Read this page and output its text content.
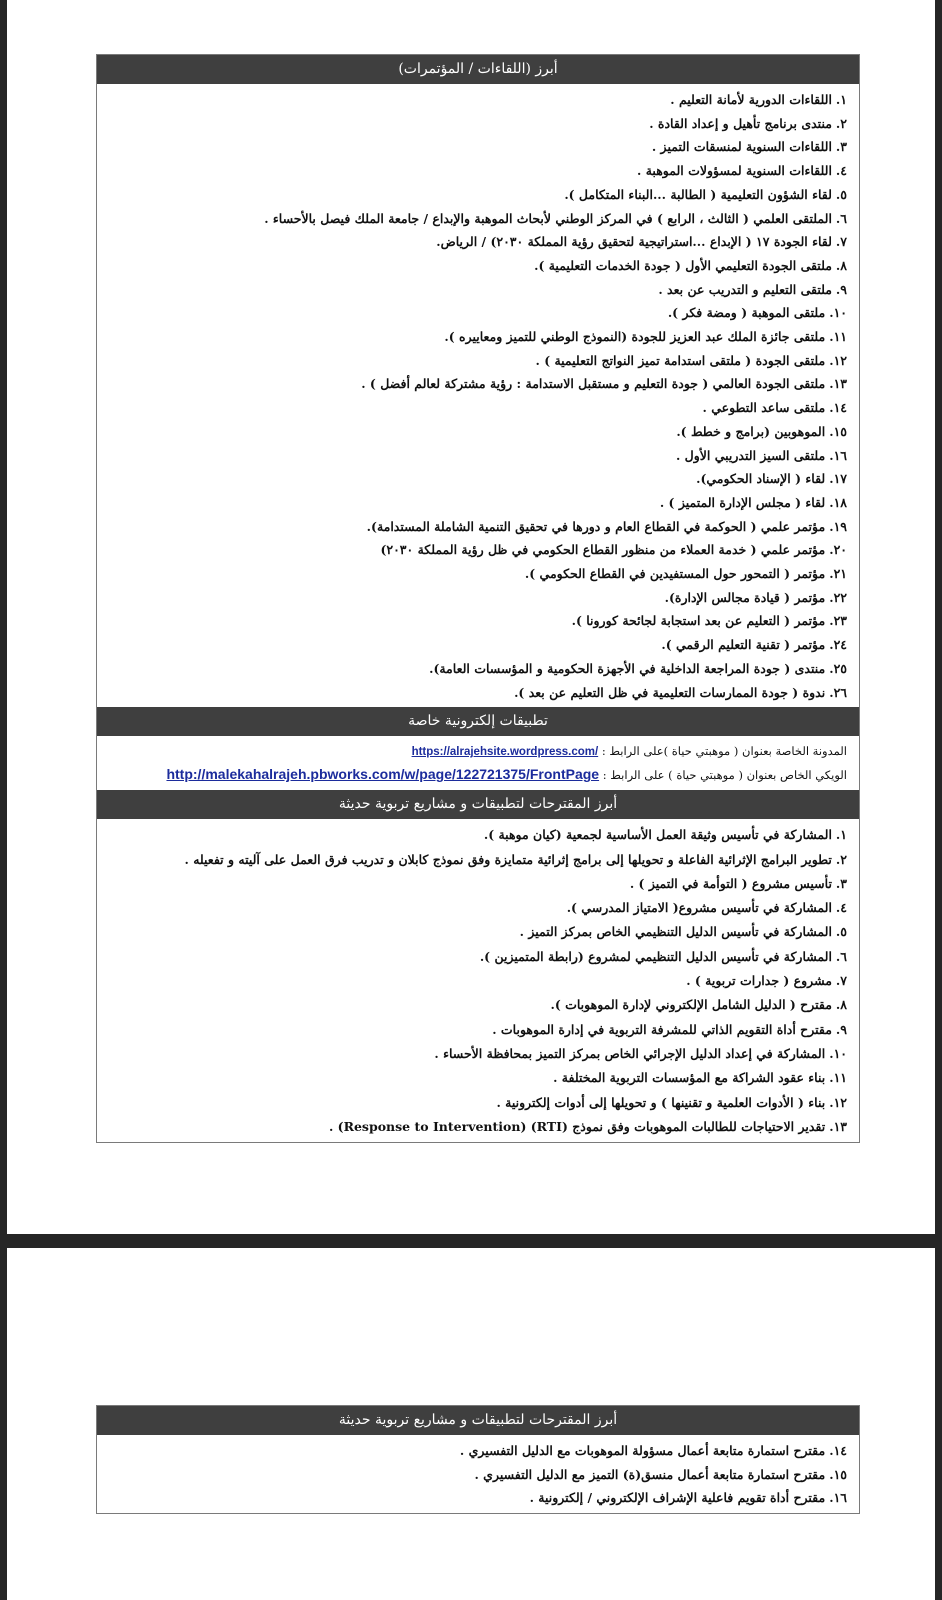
أبرز (اللقاءات / المؤتمرات)
١.اللقاءات الدورية لأمانة التعليم .
٢.منتدى برنامج تأهيل و إعداد القادة .
٣.اللقاءات السنوية لمنسقات التميز .
٤.اللقاءات السنوية لمسؤولات الموهبة .
٥.لقاء الشؤون التعليمية ( الطالبة ...البناء المتكامل ).
٦.الملتقى العلمي ( الثالث ، الرابع ) في المركز الوطني لأبحاث الموهبة والإبداع / جامعة الملك فيصل بالأحساء .
٧.لقاء الجودة ١٧ ( الإبداع ...استراتيجية لتحقيق رؤية المملكة ٢٠٣٠) / الرياض.
٨.ملتقى الجودة التعليمي الأول ( جودة الخدمات التعليمية ).
٩.ملتقى التعليم و التدريب عن بعد .
١٠.ملتقى الموهبة ( ومضة فكر ).
١١.ملتقى جائزة الملك عبد العزيز للجودة (النموذج الوطني للتميز ومعاييره ).
١٢.ملتقى الجودة ( ملتقى استدامة تميز النواتج التعليمية ) .
١٣.ملتقى الجودة العالمي ( جودة التعليم و مستقبل الاستدامة : رؤية مشتركة لعالم أفضل ) .
١٤.ملتقى ساعد التطوعي .
١٥.الموهوبين (برامج و خطط ).
١٦.ملتقى السيز التدريبي الأول .
١٧.لقاء ( الإسناد الحكومي).
١٨.لقاء ( مجلس الإدارة المتميز ) .
١٩.مؤتمر علمي ( الحوكمة في القطاع العام و دورها في تحقيق التنمية الشاملة المستدامة).
٢٠.مؤتمر علمي ( خدمة العملاء من منظور القطاع الحكومي في ظل رؤية المملكة ٢٠٣٠)
٢١.مؤتمر ( التمحور حول المستفيدين في القطاع الحكومي ).
٢٢.مؤتمر ( قيادة مجالس الإدارة).
٢٣.مؤتمر ( التعليم عن بعد استجابة لجائحة كورونا ).
٢٤.مؤتمر ( تقنية التعليم الرقمي ).
٢٥.منتدى ( جودة المراجعة الداخلية في الأجهزة الحكومية و المؤسسات العامة).
٢٦.ندوة ( جودة الممارسات التعليمية في ظل التعليم عن بعد ).
تطبيقات إلكترونية خاصة
المدونة الخاصة بعنوان ( موهبتي حياة )على الرابط : https://alrajehsite.wordpress.com/
الويكي الخاص بعنوان ( موهبتي حياة ) على الرابط : http://malekahalrajeh.pbworks.com/w/page/122721375/FrontPage
أبرز المقترحات لتطبيقات و مشاريع تربوية حديثة
١.المشاركة في تأسيس وثيقة العمل الأساسية لجمعية (كيان موهبة ).
٢.تطوير البرامج الإثرائية الفاعلة و تحويلها إلى برامج إثرائية متمايزة وفق نموذج كابلان و تدريب فرق العمل على آليته و تفعيله .
٣.تأسيس مشروع ( التوأمة في التميز ) .
٤.المشاركة في تأسيس مشروع( الامتياز المدرسي ).
٥.المشاركة في تأسيس الدليل التنظيمي الخاص بمركز التميز .
٦.المشاركة في تأسيس الدليل التنظيمي لمشروع (رابطة المتميزين ).
٧.مشروع ( جدارات تربوية ) .
٨.مقترح ( الدليل الشامل الإلكتروني لإدارة الموهوبات ).
٩.مقترح أداة التقويم الذاتي للمشرفة التربوية في إدارة الموهوبات .
١٠.المشاركة في إعداد الدليل الإجرائي الخاص بمركز التميز بمحافظة الأحساء .
١١.بناء عقود الشراكة مع المؤسسات التربوية المختلفة .
١٢.بناء ( الأدوات العلمية و تقنينها ) و تحويلها إلى أدوات إلكترونية .
١٣.تقدير الاحتياجات للطالبات الموهوبات وفق نموذج (RTI) (Response to Intervention) .
أبرز المقترحات لتطبيقات و مشاريع تربوية حديثة
١٤.مقترح استمارة متابعة أعمال مسؤولة الموهوبات مع الدليل التفسيري .
١٥.مقترح استمارة متابعة أعمال منسق(ة) التميز مع الدليل التفسيري .
١٦.مقترح أداة تقويم فاعلية الإشراف الإلكتروني / إلكترونية .
